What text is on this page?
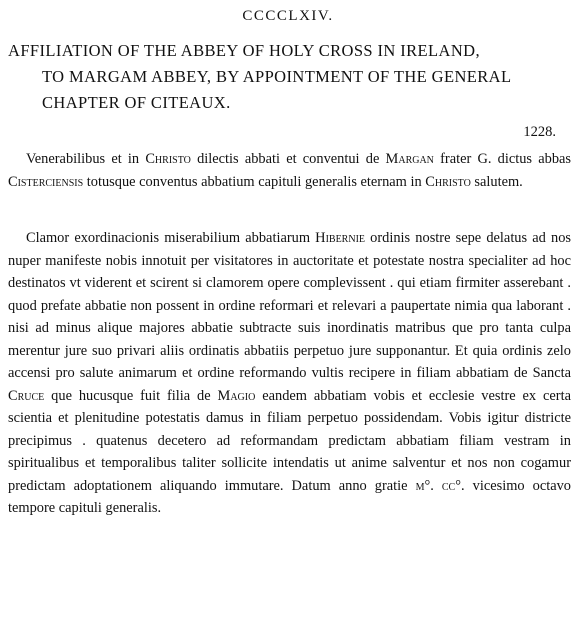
CCCCLXIV.
AFFILIATION OF THE ABBEY OF HOLY CROSS IN IRELAND,
TO MARGAM ABBEY, BY APPOINTMENT OF THE GENERAL
CHAPTER OF CITEAUX.
1228.

Venerabilibus et in Christo dilectis abbati et conventui de Margan frater G. dictus abbas Cisterciensis totusque conventus abbatium capituli generalis eternam in Christo salutem.

Clamor exordinacionis miserabilium abbatiarum Hibernie ordinis nostre sepe delatus ad nos nuper manifeste nobis innotuit per visitatores in auctoritate et potestate nostra specialiter ad hoc destinatos vt viderent et scirent si clamorem opere complevissent . qui etiam firmiter asserebant . quod prefate abbatie non possent in ordine reformari et relevari a paupertate nimia qua laborant . nisi ad minus alique majores abbatie subtracte suis inordinatis matribus que pro tanta culpa merentur jure suo privari aliis ordinatis abbatiis perpetuo jure supponantur. Et quia ordinis zelo accensi pro salute animarum et ordine reformando vultis recipere in filiam abbatiam de Sancta Cruce que hucusque fuit filia de Magio eandem abbatiam vobis et ecclesie vestre ex certa scientia et plenitudine potestatis damus in filiam perpetuo possidendam. Vobis igitur districte precipimus . quatenus decetero ad reformandam predictam abbatiam filiam vestram in spiritualibus et temporalibus taliter sollicite intendatis ut anime salventur et nos non cogamur predictam adoptationem aliquando immutare. Datum anno gratie m°. cc°. vicesimo octavo tempore capituli generalis.
